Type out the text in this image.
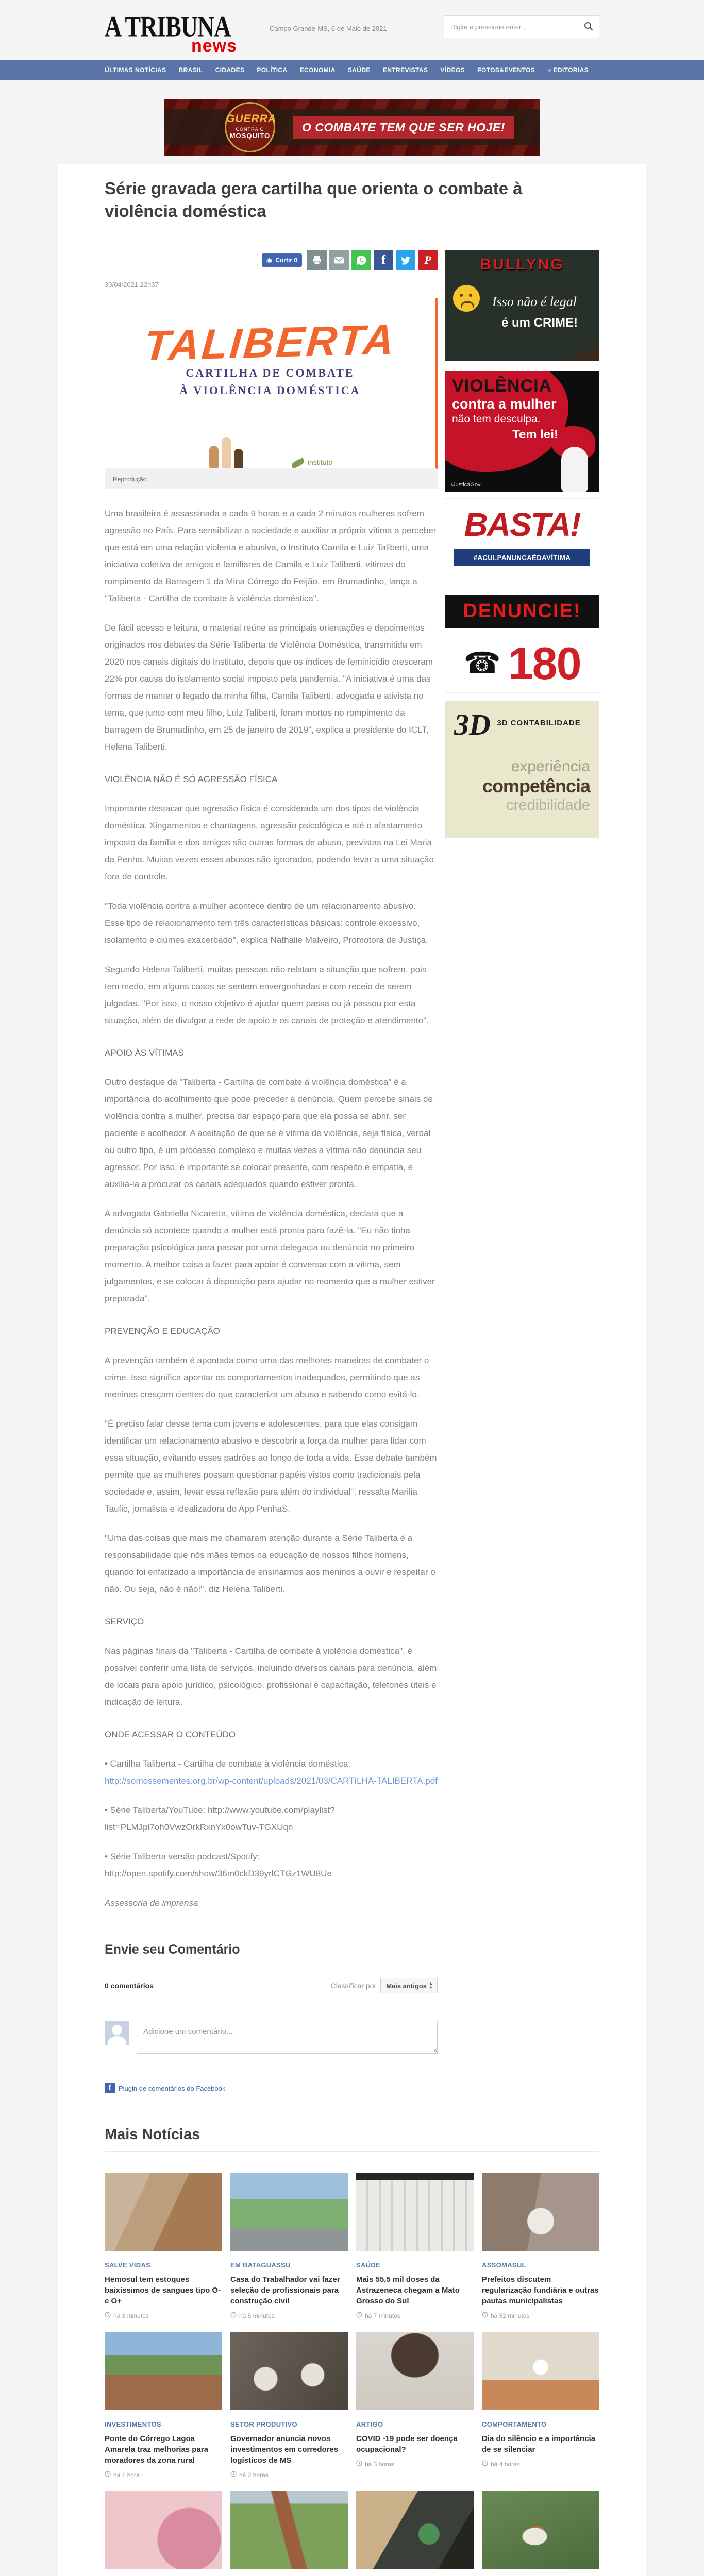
A TRIBUNA
news
Campo Grande-MS, 6 de Maio de 2021
Digite e pressione enter...
ÚLTIMAS NOTÍCIAS BRASIL CIDADES POLÍTICA ECONOMIA SAÚDE ENTREVISTAS VÍDEOS FOTOS&EVENTOS + EDITORIAS
GUERRA
CONTRA O
MOSQUITO
O COMBATE TEM QUE SER HOJE!
Série gravada gera cartilha que orienta o combate à violência doméstica
Curtir 0
f
P
30/04/2021 22h37
TALIBERTA
CARTILHA DE COMBATE
À VIOLÊNCIA DOMÉSTICA
instituto
Reprodução

Uma brasileira é assassinada a cada 9 horas e a cada 2 minutos mulheres sofrem agressão no País. Para sensibilizar a sociedade e auxiliar a própria vítima a perceber que está em uma relação violenta e abusiva, o Instituto Camila e Luiz Taliberti, uma iniciativa coletiva de amigos e familiares de Camila e Luiz Taliberti, vítimas do rompimento da Barragem 1 da Mina Córrego do Feijão, em Brumadinho, lança a "Taliberta - Cartilha de combate à violência doméstica".

De fácil acesso e leitura, o material reúne as principais orientações e depoimentos originados nos debates da Série Taliberta de Violência Doméstica, transmitida em 2020 nos canais digitais do Instituto, depois que os índices de feminicídio cresceram 22% por causa do isolamento social imposto pela pandemia. "A iniciativa é uma das formas de manter o legado da minha filha, Camila Taliberti, advogada e ativista no tema, que junto com meu filho, Luiz Taliberti, foram mortos no rompimento da barragem de Brumadinho, em 25 de janeiro de 2019", explica a presidente do ICLT, Helena Taliberti.

VIOLÊNCIA NÃO É SÓ AGRESSÃO FÍSICA

Importante destacar que agressão física é considerada um dos tipos de violência doméstica. Xingamentos e chantagens, agressão psicológica e até o afastamento imposto da família e dos amigos são outras formas de abuso, previstas na Lei Maria da Penha. Muitas vezes esses abusos são ignorados, podendo levar a uma situação fora de controle.

"Toda violência contra a mulher acontece dentro de um relacionamento abusivo. Esse tipo de relacionamento tem três características básicas: controle excessivo, isolamento e ciúmes exacerbado", explica Nathalie Malveiro, Promotora de Justiça.

Segundo Helena Taliberti, muitas pessoas não relatam a situação que sofrem, pois tem medo, em alguns casos se sentem envergonhadas e com receio de serem julgadas. "Por isso, o nosso objetivo é ajudar quem passa ou já passou por esta situação, além de divulgar a rede de apoio e os canais de proteção e atendimento".

APOIO ÀS VÍTIMAS

Outro destaque da "Taliberta - Cartilha de combate à violência doméstica" é a importância do acolhimento que pode preceder a denúncia. Quem percebe sinais de violência contra a mulher, precisa dar espaço para que ela possa se abrir, ser paciente e acolhedor. A aceitação de que se é vítima de violência, seja física, verbal ou outro tipo, é um processo complexo e muitas vezes a vítima não denuncia seu agressor. Por isso, é importante se colocar presente, com respeito e empatia, e auxiliá-la a procurar os canais adequados quando estiver pronta.

A advogada Gabriella Nicaretta, vítima de violência doméstica, declara que a denúncia só acontece quando a mulher está pronta para fazê-la. "Eu não tinha preparação psicológica para passar por uma delegacia ou denúncia no primeiro momento. A melhor coisa a fazer para apoiar é conversar com a vítima, sem julgamentos, e se colocar à disposição para ajudar no momento que a mulher estiver preparada".

PREVENÇÃO E EDUCAÇÃO

A prevenção também é apontada como uma das melhores maneiras de combater o crime. Isso significa apontar os comportamentos inadequados, permitindo que as meninas cresçam cientes do que caracteriza um abuso e sabendo como evitá-lo.

"É preciso falar desse tema com jovens e adolescentes, para que elas consigam identificar um relacionamento abusivo e descobrir a força da mulher para lidar com essa situação, evitando esses padrões ao longo de toda a vida. Esse debate também permite que as mulheres possam questionar papéis vistos como tradicionais pela sociedade e, assim, levar essa reflexão para além do individual", ressalta Marilia Taufic, jornalista e idealizadora do App PenhaS.

"Uma das coisas que mais me chamaram atenção durante a Série Taliberta é a responsabilidade que nós mães temos na educação de nossos filhos homens, quando foi enfatizado a importância de ensinarmos aos meninos a ouvir e respeitar o não. Ou seja, não é não!", diz Helena Taliberti.

SERVIÇO

Nas páginas finais da "Taliberta - Cartilha de combate à violência doméstica", é possível conferir uma lista de serviços, incluindo diversos canais para denúncia, além de locais para apoio jurídico, psicológico, profissional e capacitação, telefones úteis e indicação de leitura.

ONDE ACESSAR O CONTEÚDO

• Cartilha Taliberta - Cartilha de combate à violência doméstica:
http://somossementes.org.br/wp-content/uploads/2021/03/CARTILHA-TALIBERTA.pdf

• Série Taliberta/YouTube: http://www.youtube.com/playlist?list=PLMJpl7oh0VwzOrkRxnYx0owTuv-TGXUqn

• Série Taliberta versão podcast/Spotify: http://open.spotify.com/show/36m0ckD39yrlCTGz1WU8Ue

Assessoria de imprensa

Envie seu Comentário
0 comentários	Classificar por Mais antigos ▴
▾
Adicione um comentário...
f	Plugin de comentários do Facebook
BULLYNG
Isso não é legal
é um CRIME!
VIOLÊNCIA
contra a mulher
não tem desculpa.
Tem lei!
/JusticaGov
BASTA!
#ACULPANUNCAÉDAVÍTIMA
DENUNCIE!
☎ 180
3D 3D CONTABILIDADE
experiência
competência
credibilidade
Mais Notícias
SALVE VIDAS
Hemosul tem estoques baixíssimos de sangues tipo O- e O+
há 3 minutos
EM BATAGUASSU
Casa do Trabalhador vai fazer seleção de profissionais para construção civil
há 5 minutos
SAÚDE
Mais 55,5 mil doses da Astrazeneca chegam a Mato Grosso do Sul
há 7 minutos
ASSOMASUL
Prefeitos discutem regularização fundiária e outras pautas municipalistas
há 52 minutos
INVESTIMENTOS
Ponte do Córrego Lagoa Amarela traz melhorias para moradores da zona rural
há 1 hora
SETOR PRODUTIVO
Governador anuncia novos investimentos em corredores logísticos de MS
há 2 horas
ARTIGO
COVID -19 pode ser doença ocupacional?
há 3 horas
COMPORTAMENTO
Dia do silêncio e a importância de se silenciar
há 4 horas
